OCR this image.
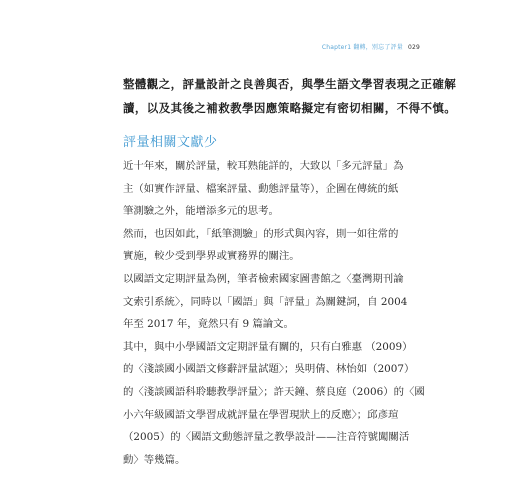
Chapter1 翻轉，別忘了評量 029
整體觀之，評量設計之良善與否，與學生語文學習表現之正確解
讀，以及其後之補救教學因應策略擬定有密切相關，不得不慎。
評量相關文獻少
近十年來，關於評量，較耳熟能詳的，大致以「多元評量」為
主（如實作評量、檔案評量、動態評量等），企圖在傳統的紙
筆測驗之外，能增添多元的思考。
然而，也因如此，「紙筆測驗」的形式與內容，則一如往常的
實施，較少受到學界或實務界的關注。
以國語文定期評量為例，筆者檢索國家圖書館之〈臺灣期刊論
文索引系統〉，同時以「國語」與「評量」為關鍵詞，自 2004
年至 2017 年，竟然只有 9 篇論文。
其中，與中小學國語文定期評量有關的，只有白雅惠 （2009）
的〈淺談國小國語文修辭評量試題〉；吳明倩、林怡如（2007）
的〈淺談國語科聆聽教學評量〉；許天鐘、蔡良庭（2006）的〈國
小六年級國語文學習成就評量在學習現狀上的反應〉；邱彥瑄
（2005）的〈國語文動態評量之教學設計——注音符號闖關活
動〉等幾篇。
